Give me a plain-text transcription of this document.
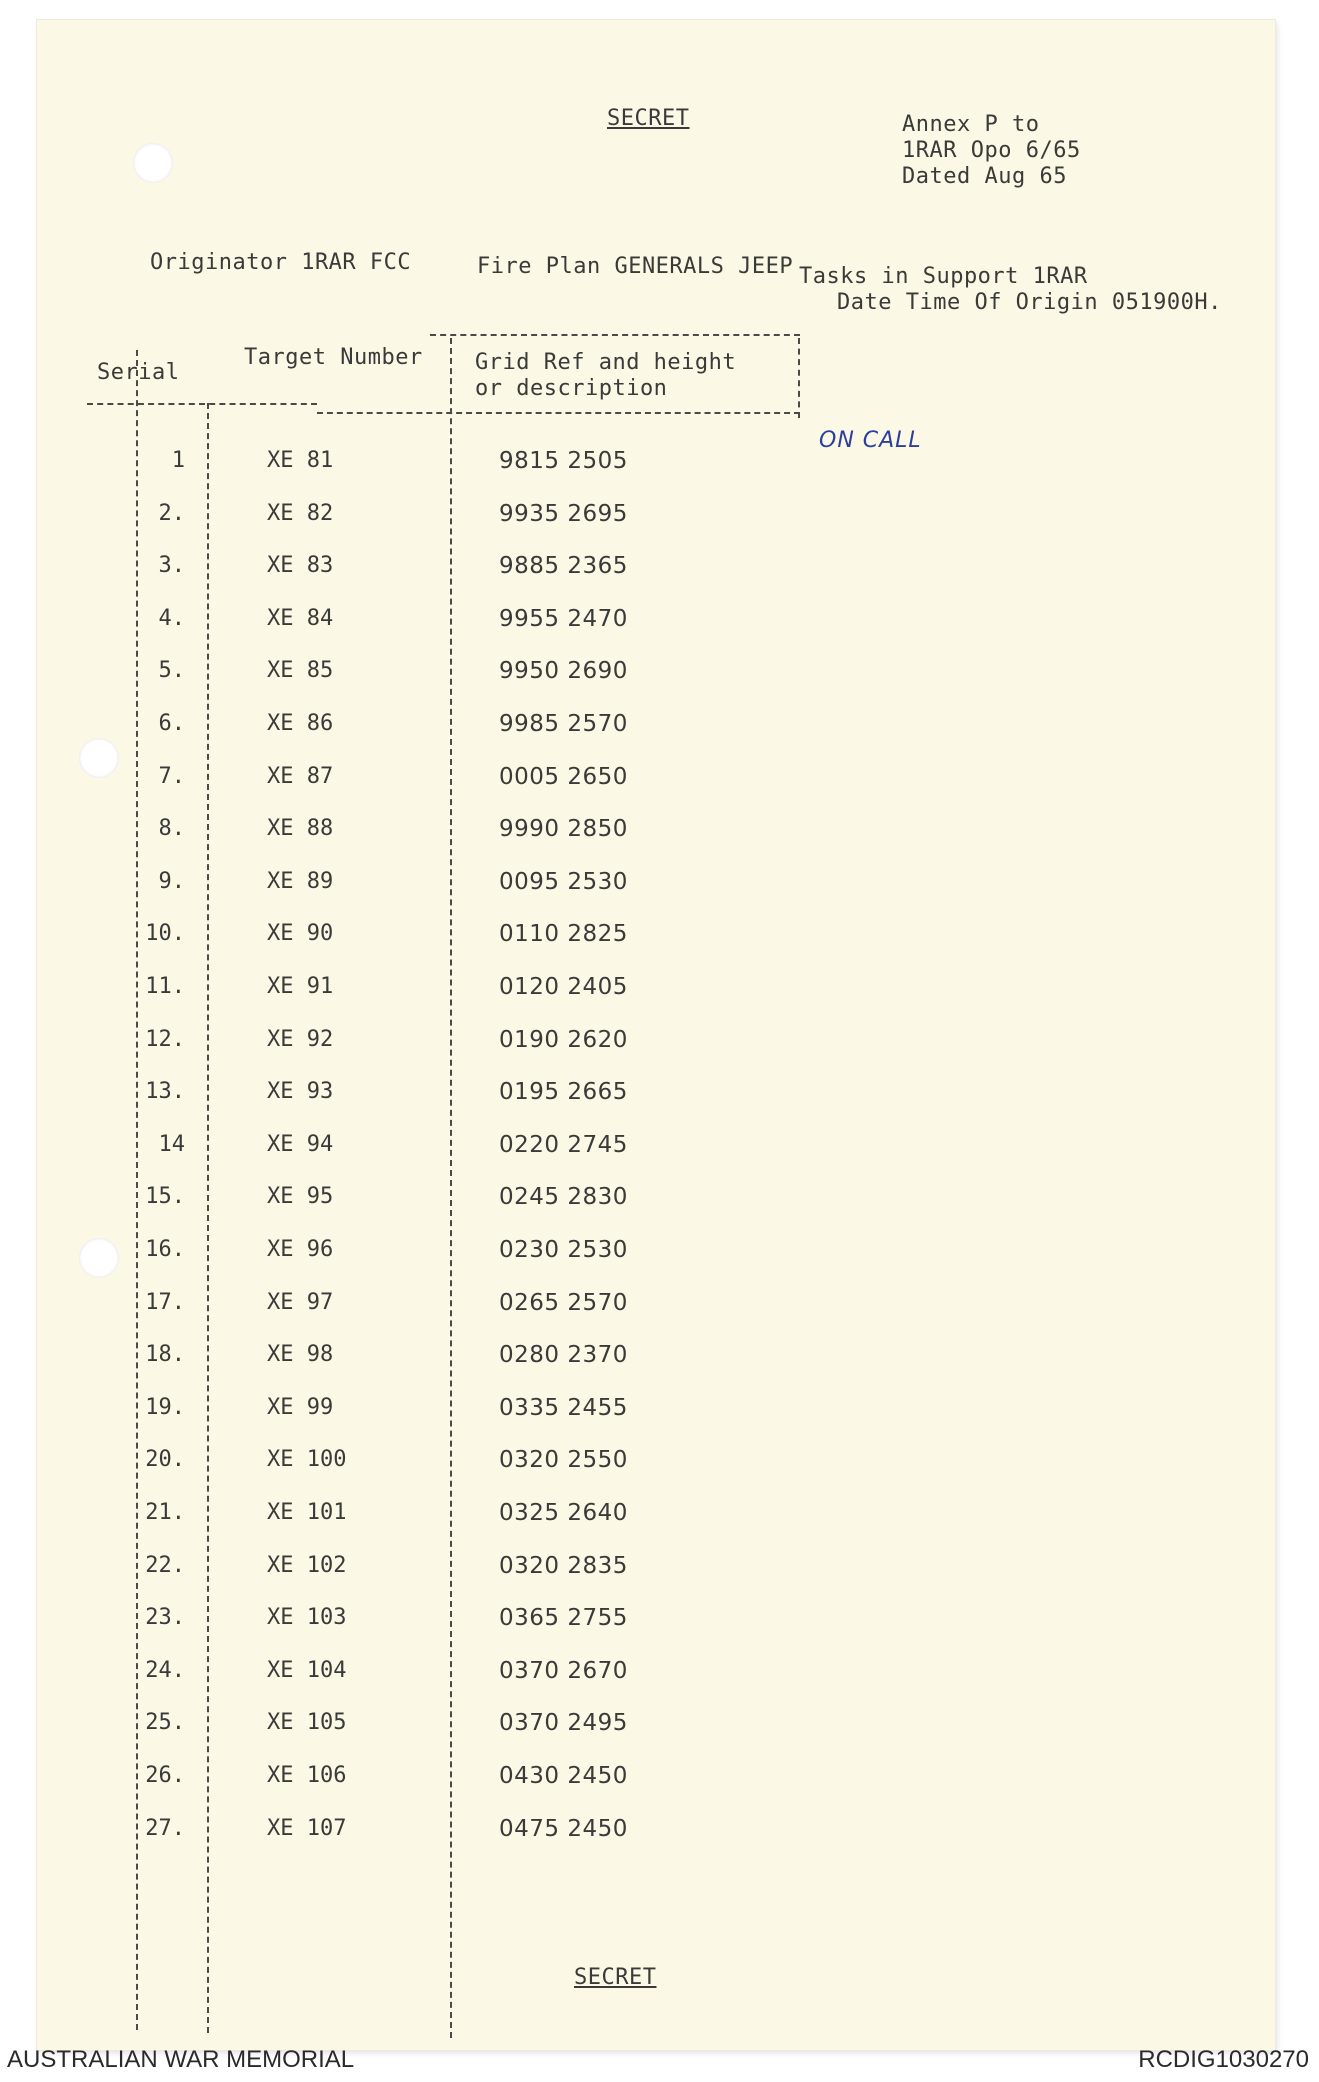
SECRET	Annex P to
1RAR Opo 6/65
Dated Aug 65
Originator 1RAR FCC	Fire Plan GENERALS JEEP Tasks in Support 1RAR
Date Time Of Origin 051900H.
Serial
Target Number Grid Ref and height
or description
ON CALL
1	XE 81	9815 2505
2.	XE 82	9935 2695
3.	XE 83	9885 2365
4.	XE 84	9955 2470
5.	XE 85	9950 2690
6.	XE 86	9985 2570
7.	XE 87	0005 2650
8.	XE 88	9990 2850
9.	XE 89	0095 2530
10.	XE 90	0110 2825
11.	XE 91	0120 2405
12.	XE 92	0190 2620
13.	XE 93	0195 2665
14	XE 94	0220 2745
15.	XE 95	0245 2830
16.	XE 96	0230 2530
17.	XE 97	0265 2570
18.	XE 98	0280 2370
19.	XE 99	0335 2455
20.	XE 100	0320 2550
21.	XE 101	0325 2640
22.	XE 102	0320 2835
23.	XE 103	0365 2755
24.	XE 104	0370 2670
25.	XE 105	0370 2495
26.	XE 106	0430 2450
27.	XE 107	0475 2450
SECRET
AUSTRALIAN WAR MEMORIAL	RCDIG1030270
